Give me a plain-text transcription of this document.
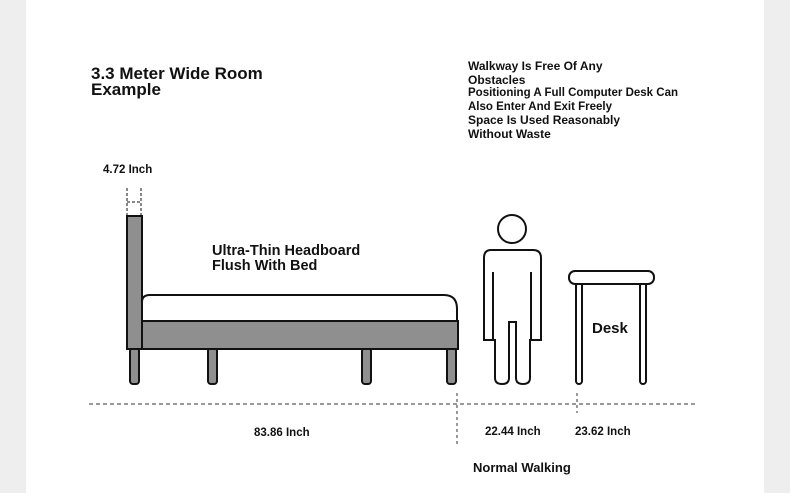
3.3 Meter Wide Room
Example
Walkway Is Free Of Any
Obstacles
Positioning A Full Computer Desk Can
Also Enter And Exit Freely
Space Is Used Reasonably
Without Waste
Ultra-Thin Headboard
Flush With Bed
4.72 Inch
83.86 Inch	22.44 Inch	23.62 Inch
Desk
Normal Walking
